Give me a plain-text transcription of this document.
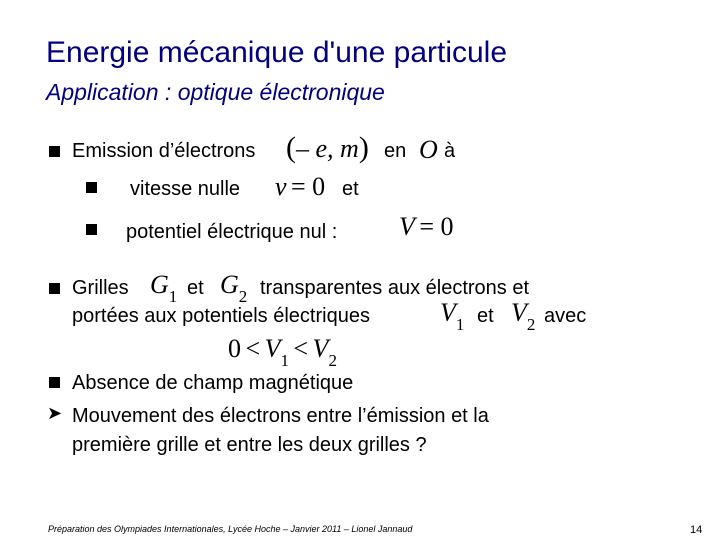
Energie mécanique d'une particule
Application : optique électronique
Emission d’électrons (– e, m) en O à
vitesse nulle v = 0 et
potentiel électrique nul : V = 0
Grilles G1 et G2 transparentes aux électrons et
portées aux potentiels électriques	V1 et V2 avec
0 < V1 < V2
Absence de champ magnétique
➤ Mouvement des électrons entre l’émission et la
première grille et entre les deux grilles ?
Préparation des Olympiades Internationales, Lycée Hoche – Janvier 2011 – Lionel Jannaud	14
